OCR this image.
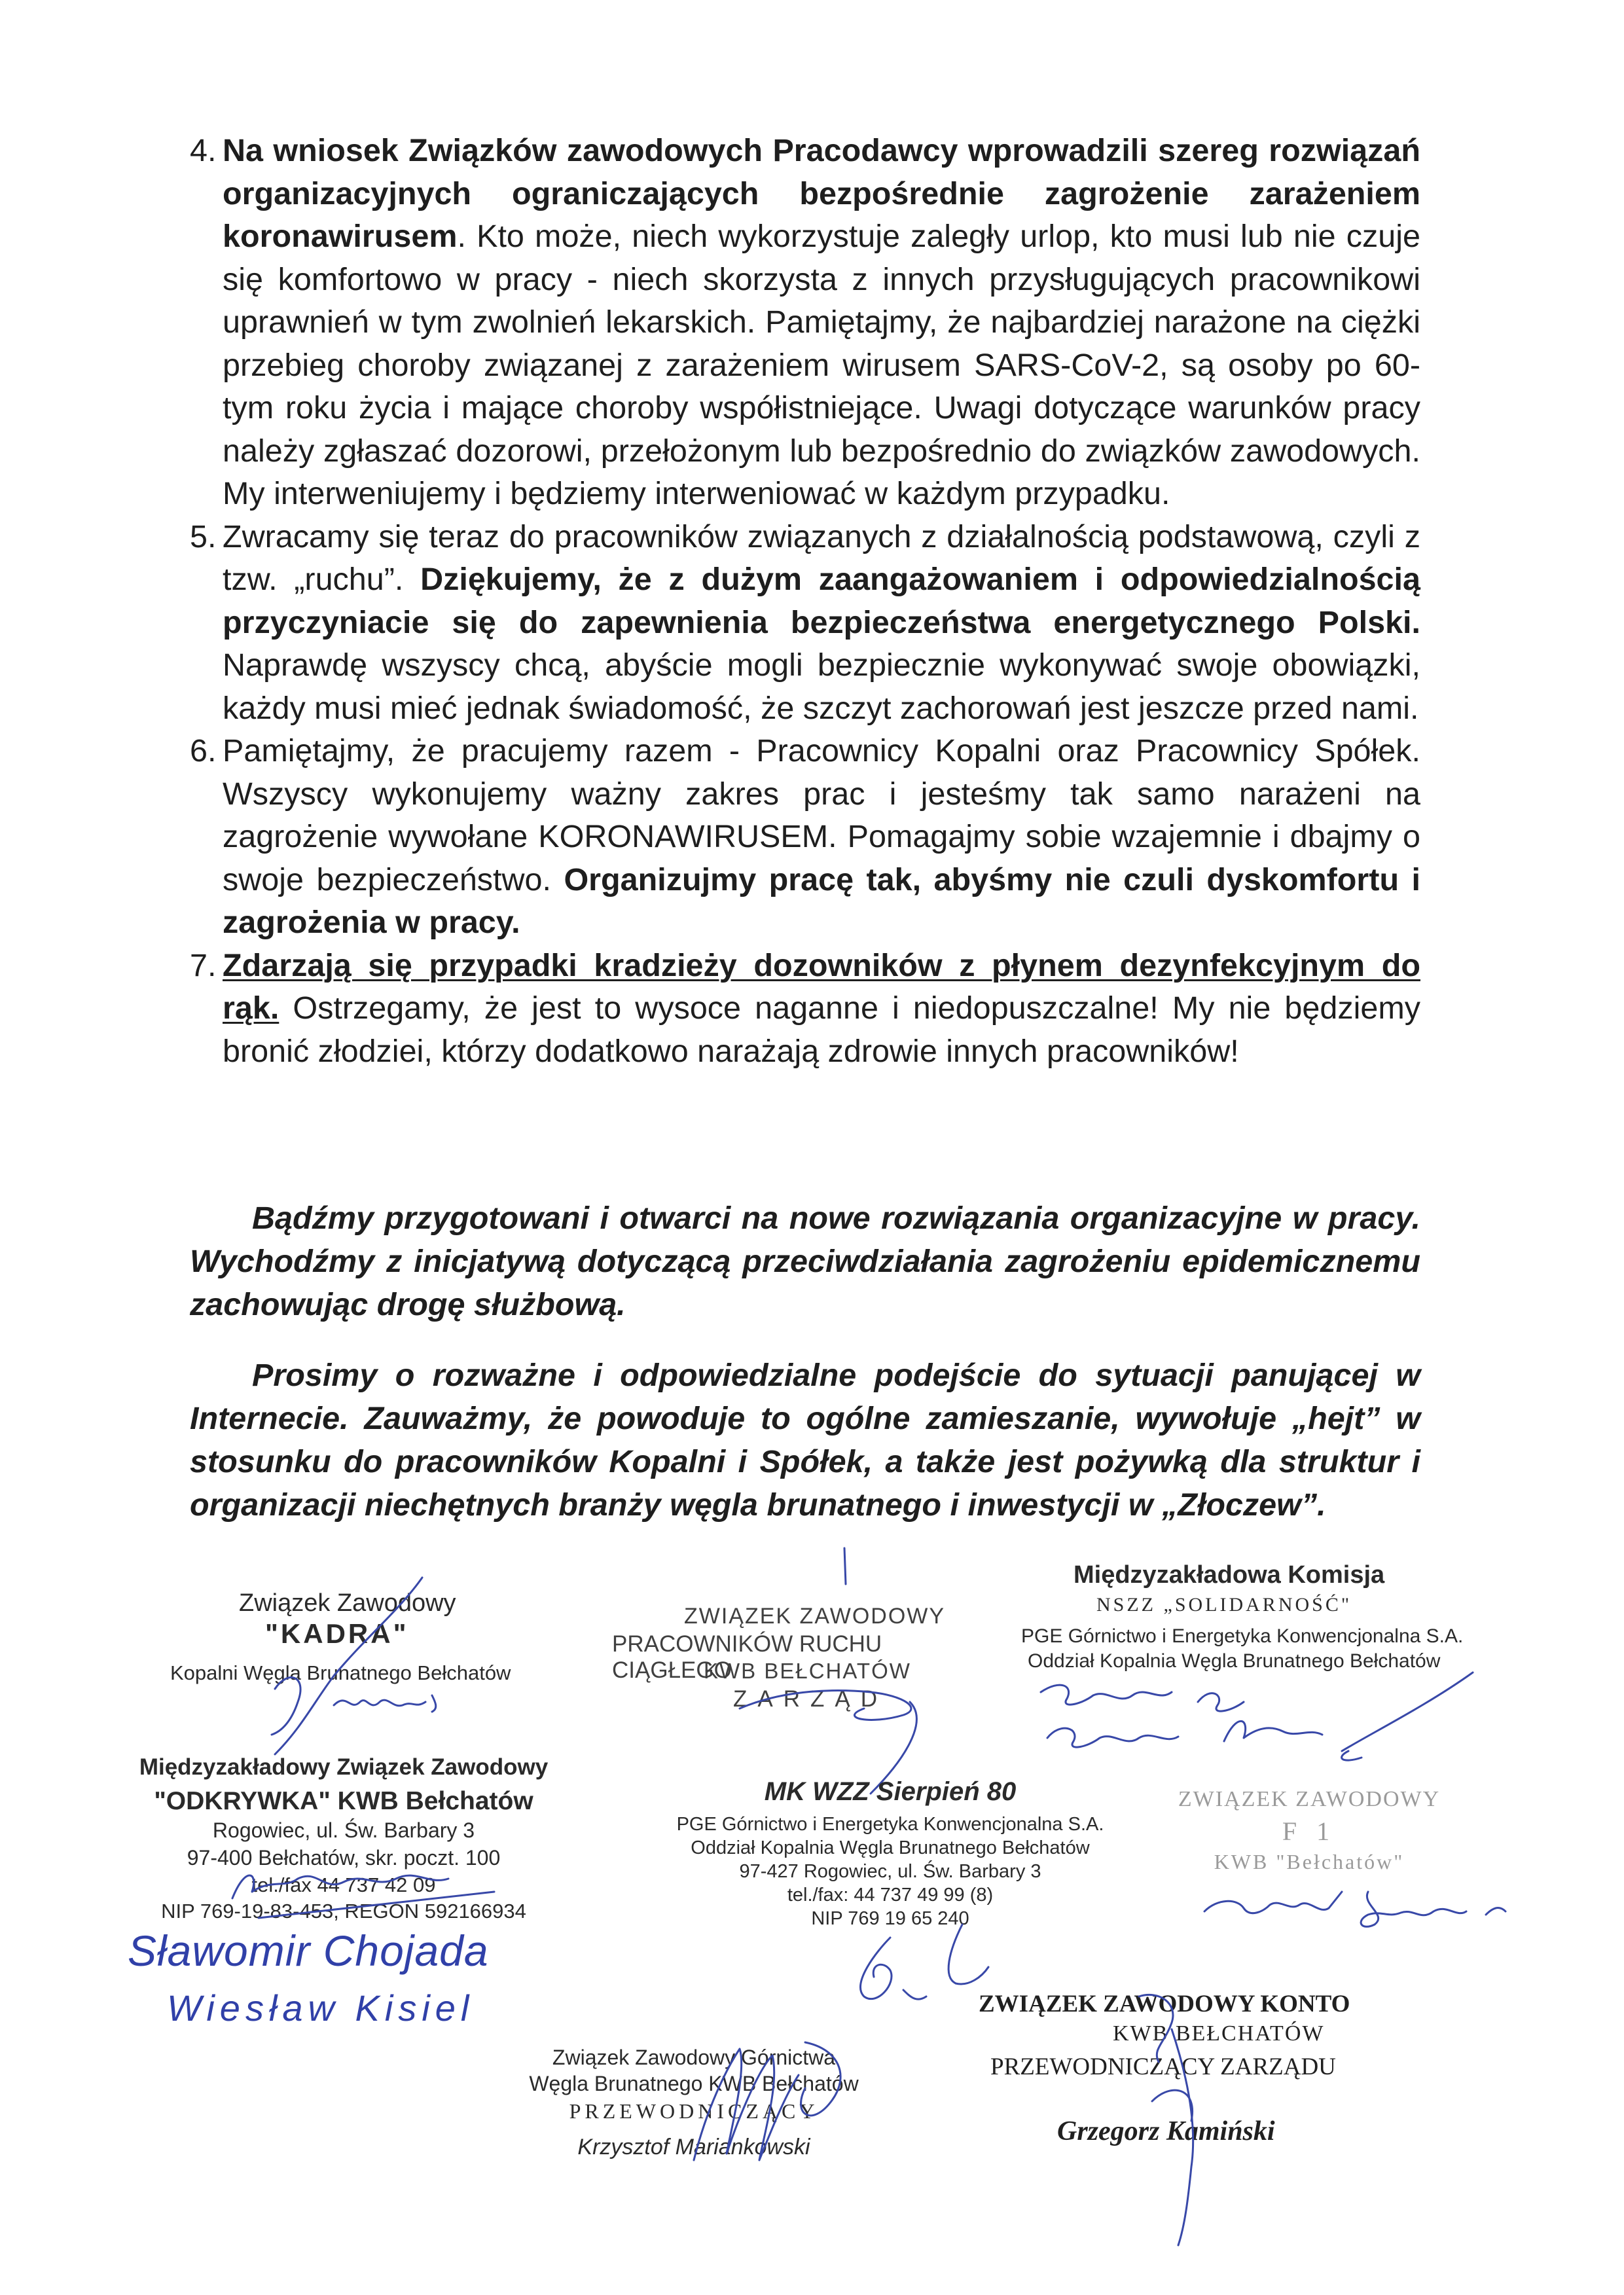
4. Na wniosek Związków zawodowych Pracodawcy wprowadzili szereg rozwiązań organizacyjnych ograniczających bezpośrednie zagrożenie zarażeniem koronawirusem. Kto może, niech wykorzystuje zaległy urlop, kto musi lub nie czuje się komfortowo w pracy - niech skorzysta z innych przysługujących pracownikowi uprawnień w tym zwolnień lekarskich. Pamiętajmy, że najbardziej narażone na ciężki przebieg choroby związanej z zarażeniem wirusem SARS-CoV-2, są osoby po 60-tym roku życia i mające choroby współistniejące. Uwagi dotyczące warunków pracy należy zgłaszać dozorowi, przełożonym lub bezpośrednio do związków zawodowych. My interweniujemy i będziemy interweniować w każdym przypadku.
5. Zwracamy się teraz do pracowników związanych z działalnością podstawową, czyli z tzw. „ruchu”. Dziękujemy, że z dużym zaangażowaniem i odpowiedzialnością przyczyniacie się do zapewnienia bezpieczeństwa energetycznego Polski. Naprawdę wszyscy chcą, abyście mogli bezpiecznie wykonywać swoje obowiązki, każdy musi mieć jednak świadomość, że szczyt zachorowań jest jeszcze przed nami.
6. Pamiętajmy, że pracujemy razem - Pracownicy Kopalni oraz Pracownicy Spółek. Wszyscy wykonujemy ważny zakres prac i jesteśmy tak samo narażeni na zagrożenie wywołane KORONAWIRUSEM. Pomagajmy sobie wzajemnie i dbajmy o swoje bezpieczeństwo. Organizujmy pracę tak, abyśmy nie czuli dyskomfortu i zagrożenia w pracy.
7. Zdarzają się przypadki kradzieży dozowników z płynem dezynfekcyjnym do rąk. Ostrzegamy, że jest to wysoce naganne i niedopuszczalne! My nie będziemy bronić złodziei, którzy dodatkowo narażają zdrowie innych pracowników!

Bądźmy przygotowani i otwarci na nowe rozwiązania organizacyjne w pracy. Wychodźmy z inicjatywą dotyczącą przeciwdziałania zagrożeniu epidemicznemu zachowując drogę służbową.

Prosimy o rozważne i odpowiedzialne podejście do sytuacji panującej w Internecie. Zauważmy, że powoduje to ogólne zamieszanie, wywołuje „hejt” w stosunku do pracowników Kopalni i Spółek, a także jest pożywką dla struktur i organizacji niechętnych branży węgla brunatnego i inwestycji w „Złoczew”.

Związek Zawodowy
"KADRA"
Kopalni Węgla Brunatnego Bełchatów
ZWIĄZEK ZAWODOWY
PRACOWNIKÓW RUCHU CIĄGŁEGO
KWB BEŁCHATÓW
ZARZĄD
Międzyzakładowa Komisja
NSZZ „SOLIDARNOŚĆ"
PGE Górnictwo i Energetyka Konwencjonalna S.A.
Oddział Kopalnia Węgla Brunatnego Bełchatów
Międzyzakładowy Związek Zawodowy
"ODKRYWKA" KWB Bełchatów
Rogowiec, ul. Św. Barbary 3
97-400 Bełchatów, skr. poczt. 100
tel./fax 44 737 42 09
NIP 769-19-83-453, REGON 592166934
Sławomir Chojada
Wiesław Kisiel
MK WZZ Sierpień 80
PGE Górnictwo i Energetyka Konwencjonalna S.A.
Oddział Kopalnia Węgla Brunatnego Bełchatów
97-427 Rogowiec, ul. Św. Barbary 3
tel./fax: 44 737 49 99 (8)
NIP 769 19 65 240
ZWIĄZEK ZAWODOWY
F 1
KWB "Bełchatów"
Związek Zawodowy Górnictwa
Węgla Brunatnego KWB Bełchatów
PRZEWODNICZĄCY
Krzysztof Mariankowski
ZWIĄZEK ZAWODOWY KONTO
KWB BEŁCHATÓW
PRZEWODNICZĄCY ZARZĄDU
Grzegorz Kamiński
